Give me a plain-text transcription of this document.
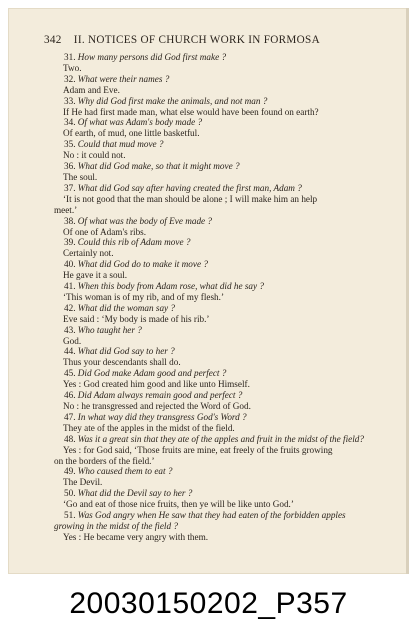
342 II. NOTICES OF CHURCH WORK IN FORMOSA
31. How many persons did God first make ?
Two.
32. What were their names ?
Adam and Eve.
33. Why did God first make the animals, and not man ?
If He had first made man, what else would have been found on earth?
34. Of what was Adam's body made ?
Of earth, of mud, one little basketful.
35. Could that mud move ?
No : it could not.
36. What did God make, so that it might move ?
The soul.
37. What did God say after having created the first man, Adam ?
‘It is not good that the man should be alone ; I will make him an help
meet.’
38. Of what was the body of Eve made ?
Of one of Adam's ribs.
39. Could this rib of Adam move ?
Certainly not.
40. What did God do to make it move ?
He gave it a soul.
41. When this body from Adam rose, what did he say ?
‘This woman is of my rib, and of my flesh.’
42. What did the woman say ?
Eve said : ‘My body is made of his rib.’
43. Who taught her ?
God.
44. What did God say to her ?
Thus your descendants shall do.
45. Did God make Adam good and perfect ?
Yes : God created him good and like unto Himself.
46. Did Adam always remain good and perfect ?
No : he transgressed and rejected the Word of God.
47. In what way did they transgress God's Word ?
They ate of the apples in the midst of the field.
48. Was it a great sin that they ate of the apples and fruit in the midst of the field?
Yes : for God said, ‘Those fruits are mine, eat freely of the fruits growing
on the borders of the field.’
49. Who caused them to eat ?
The Devil.
50. What did the Devil say to her ?
‘Go and eat of those nice fruits, then ye will be like unto God.’
51. Was God angry when He saw that they had eaten of the forbidden apples
growing in the midst of the field ?
Yes : He became very angry with them.
20030150202_P357
